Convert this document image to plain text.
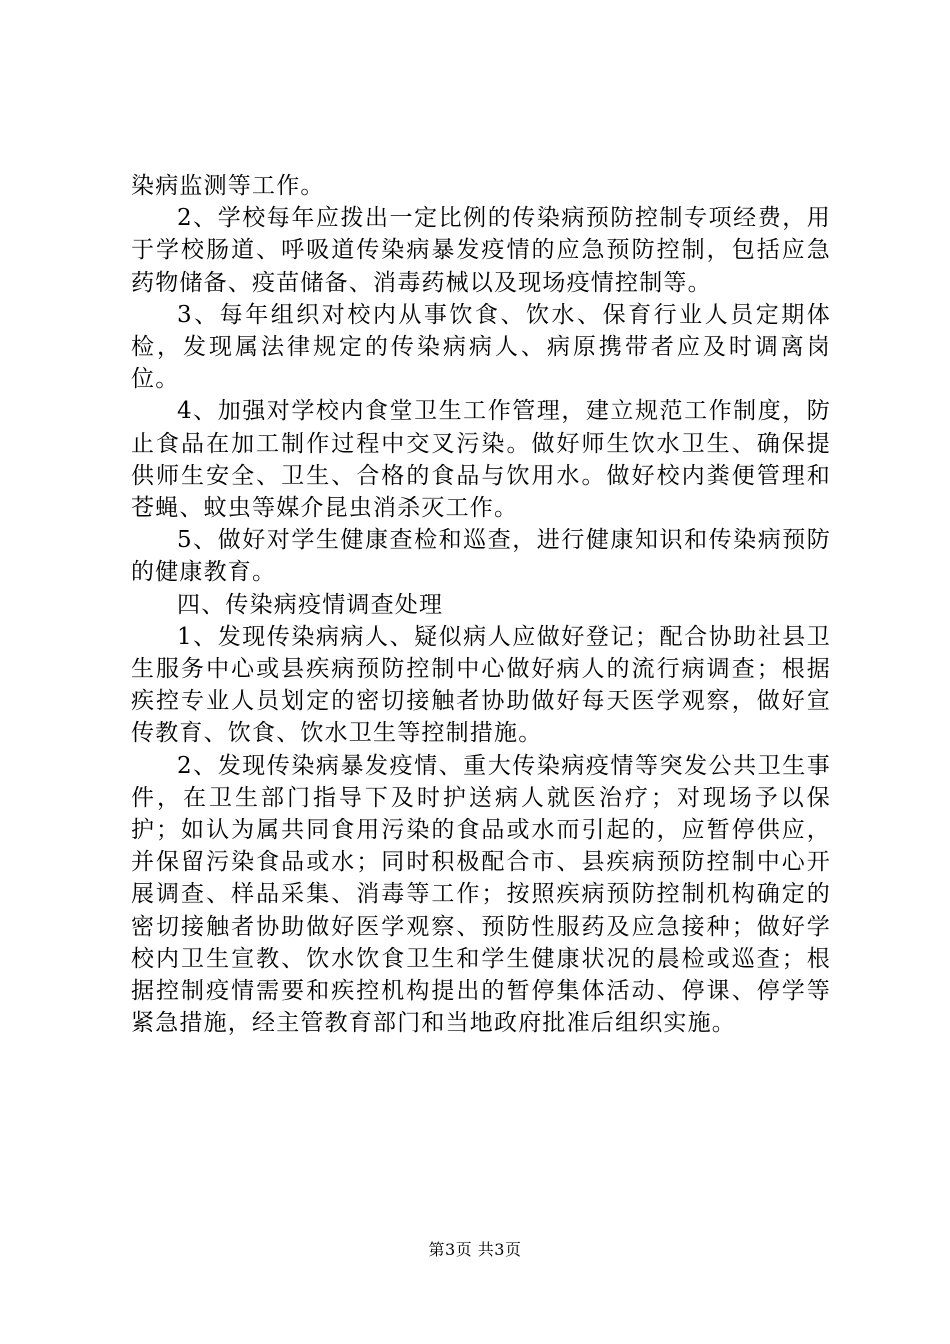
染病监测等工作。

2、学校每年应拨出一定比例的传染病预防控制专项经费，用于学校肠道、呼吸道传染病暴发疫情的应急预防控制，包括应急药物储备、疫苗储备、消毒药械以及现场疫情控制等。

3、每年组织对校内从事饮食、饮水、保育行业人员定期体检，发现属法律规定的传染病病人、病原携带者应及时调离岗位。

4、加强对学校内食堂卫生工作管理，建立规范工作制度，防止食品在加工制作过程中交叉污染。做好师生饮水卫生、确保提供师生安全、卫生、合格的食品与饮用水。做好校内粪便管理和苍蝇、蚊虫等媒介昆虫消杀灭工作。

5、做好对学生健康查检和巡查，进行健康知识和传染病预防的健康教育。

四、传染病疫情调查处理

1、发现传染病病人、疑似病人应做好登记；配合协助社县卫生服务中心或县疾病预防控制中心做好病人的流行病调查；根据疾控专业人员划定的密切接触者协助做好每天医学观察，做好宣传教育、饮食、饮水卫生等控制措施。

2、发现传染病暴发疫情、重大传染病疫情等突发公共卫生事件，在卫生部门指导下及时护送病人就医治疗；对现场予以保护；如认为属共同食用污染的食品或水而引起的，应暂停供应，并保留污染食品或水；同时积极配合市、县疾病预防控制中心开展调查、样品采集、消毒等工作；按照疾病预防控制机构确定的密切接触者协助做好医学观察、预防性服药及应急接种；做好学校内卫生宣教、饮水饮食卫生和学生健康状况的晨检或巡查；根据控制疫情需要和疾控机构提出的暂停集体活动、停课、停学等紧急措施，经主管教育部门和当地政府批准后组织实施。

第3页 共3页
